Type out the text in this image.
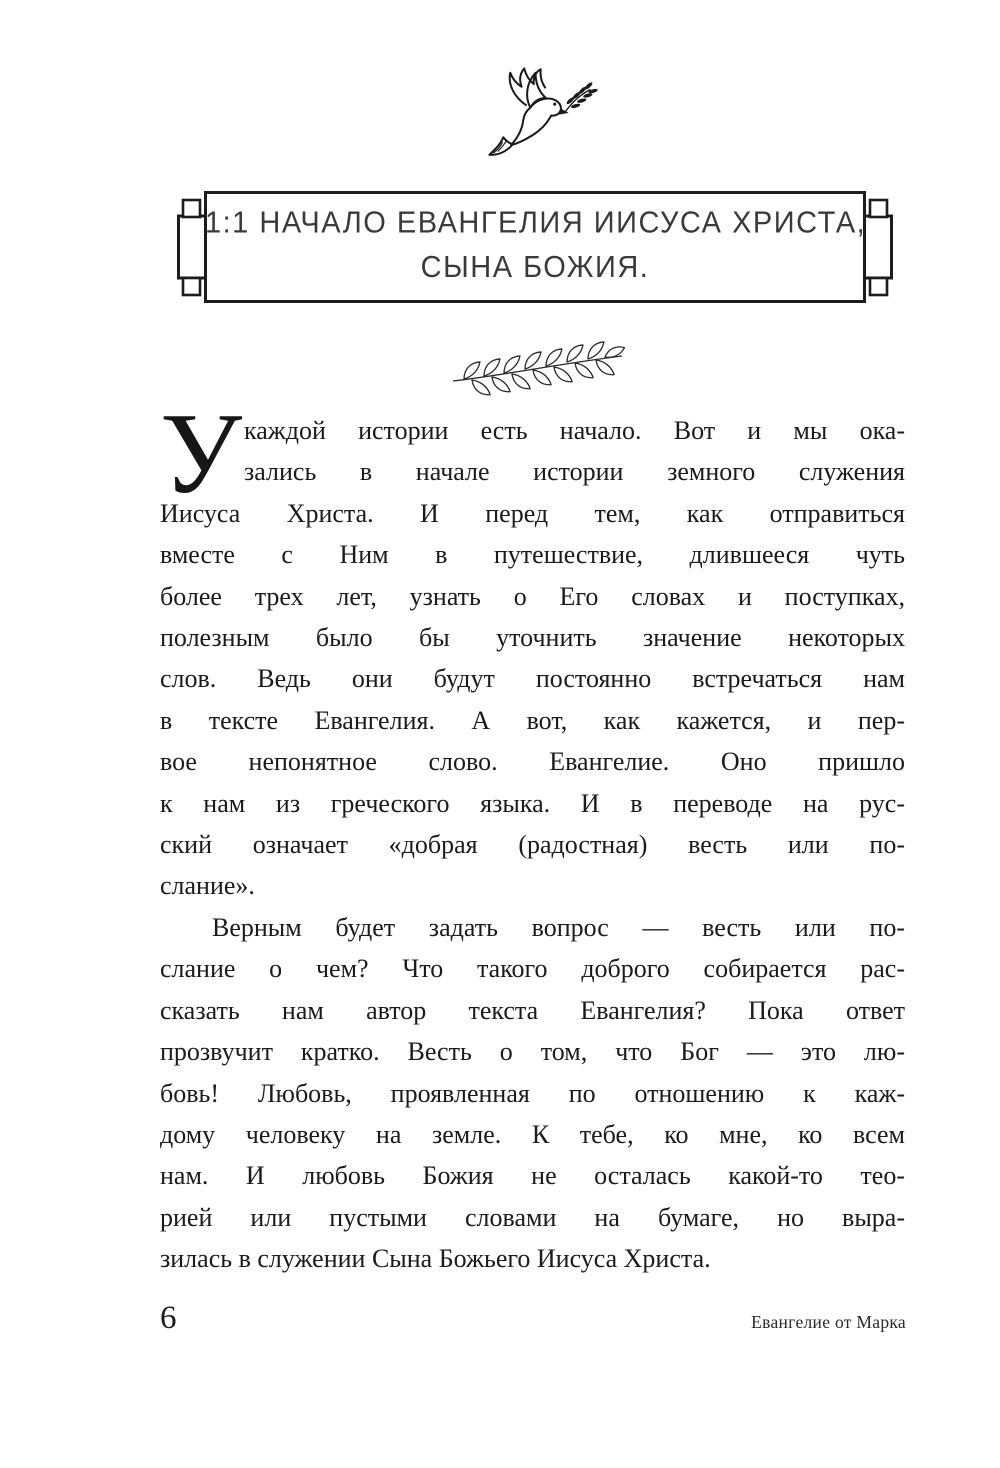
1:1 НАЧАЛО ЕВАНГЕЛИЯ ИИСУСА ХРИСТА,
СЫНА БОЖИЯ.
У каждой истории есть начало. Вот и мы ока-
зались в начале истории земного служения
Иисуса Христа. И перед тем, как отправиться
вместе с Ним в путешествие, длившееся чуть
более трех лет, узнать о Его словах и поступках,
полезным было бы уточнить значение некоторых
слов. Ведь они будут постоянно встречаться нам
в тексте Евангелия. А вот, как кажется, и пер-
вое непонятное слово. Евангелие. Оно пришло
к нам из греческого языка. И в переводе на рус-
ский означает «добрая (радостная) весть или по-
слание».
Верным будет задать вопрос — весть или по-
слание о чем? Что такого доброго собирается рас-
сказать нам автор текста Евангелия? Пока ответ
прозвучит кратко. Весть о том, что Бог — это лю-
бовь! Любовь, проявленная по отношению к каж-
дому человеку на земле. К тебе, ко мне, ко всем
нам. И любовь Божия не осталась какой-то тео-
рией или пустыми словами на бумаге, но выра-
зилась в служении Сына Божьего Иисуса Христа.
6	Евангелие от Марка
